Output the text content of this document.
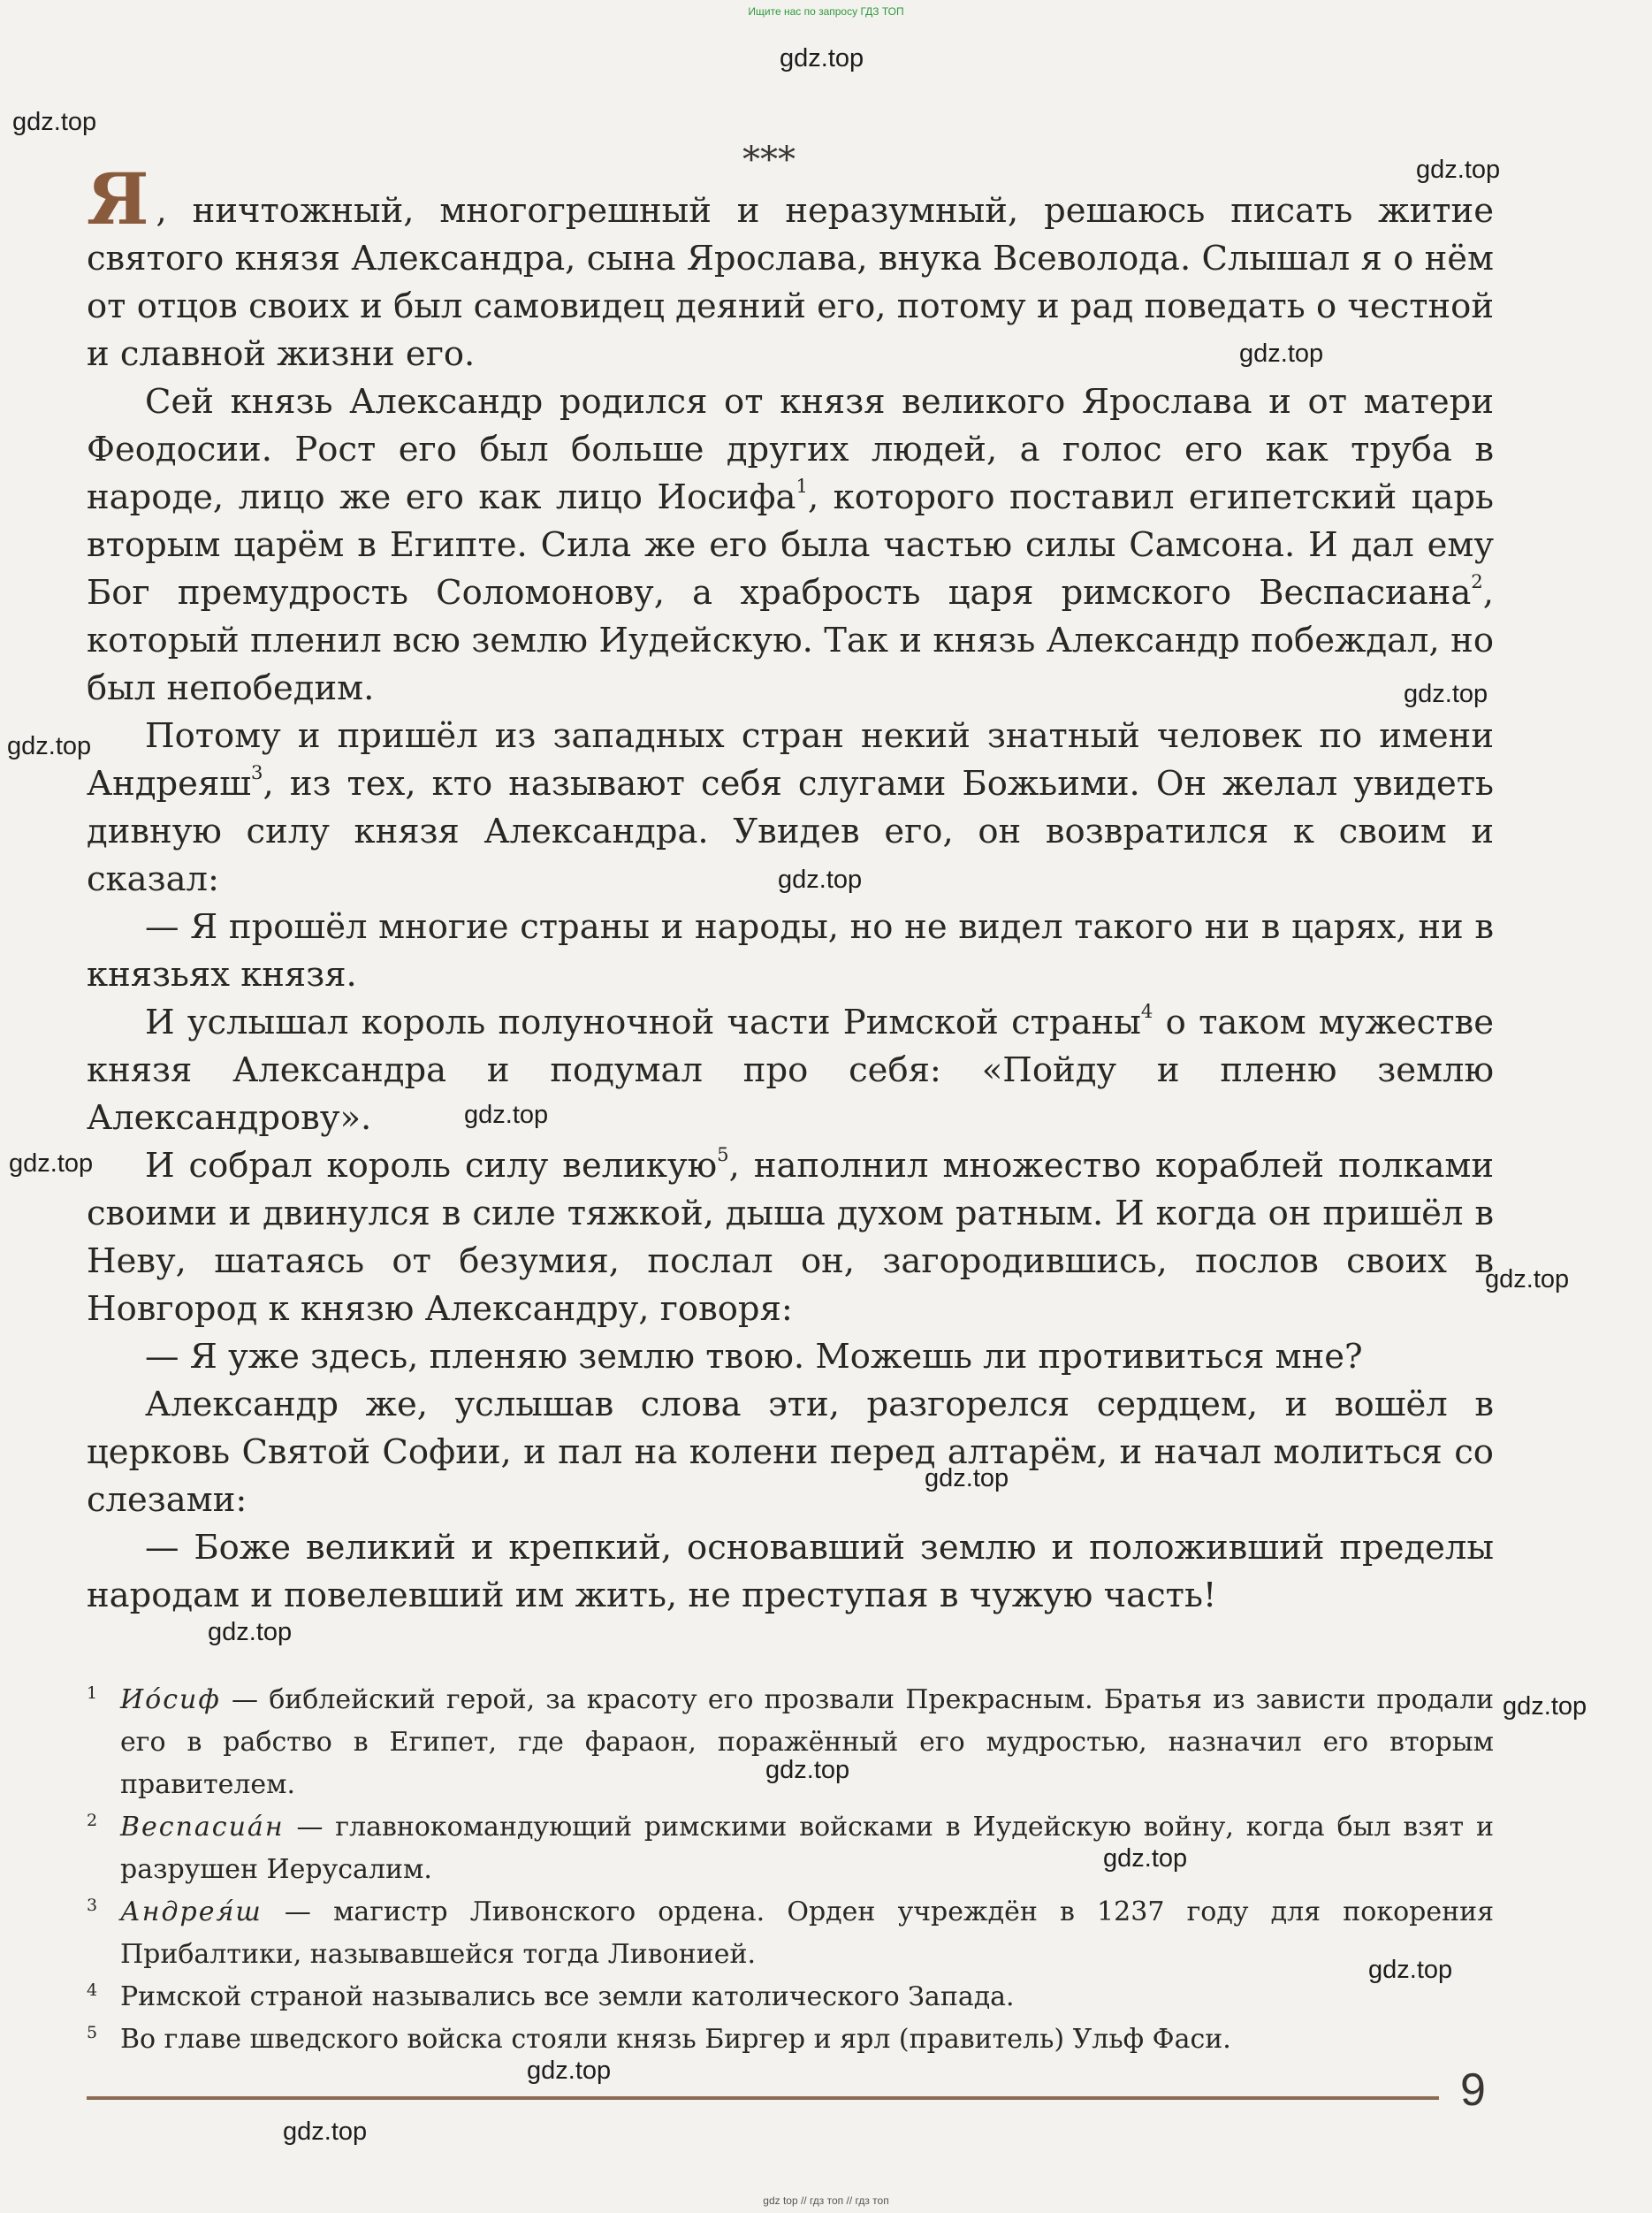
Ищите нас по запросу ГДЗ ТОП
gdz.top
gdz.top
gdz.top
gdz.top
gdz.top
gdz.top
gdz.top
gdz.top
gdz.top
gdz.top
gdz.top
gdz.top
gdz.top
gdz.top
gdz.top
gdz.top
gdz.top
gdz.top
***

Я , ничтожный, многогрешный и неразумный, решаюсь писать житие святого князя Александра, сына Ярослава, внука Всеволода. Слышал я о нём от отцов своих и был самовидец деяний его, потому и рад поведать о честной и славной жизни его.

Сей князь Александр родился от князя великого Ярослава и от матери Феодосии. Рост его был больше других людей, а голос его как труба в народе, лицо же его как лицо Иосифа$^1$, которого поставил египетский царь вторым царём в Египте. Сила же его была частью силы Самсона. И дал ему Бог премудрость Соломонову, а храбрость царя римского Веспасиана$^2$, который пленил всю землю Иудейскую. Так и князь Александр побеждал, но был непобедим.

Потому и пришёл из западных стран некий знатный человек по имени Андреяш$^3$, из тех, кто называют себя слугами Божьими. Он желал увидеть дивную силу князя Александра. Увидев его, он возвратился к своим и сказал:

— Я прошёл многие страны и народы, но не видел такого ни в царях, ни в князьях князя.

И услышал король полуночной части Римской страны$^4$ о таком мужестве князя Александра и подумал про себя: «Пойду и пленю землю Александрову».

И собрал король силу великую$^5$, наполнил множество кораблей полками своими и двинулся в силе тяжкой, дыша духом ратным. И когда он пришёл в Неву, шатаясь от безумия, послал он, загородившись, послов своих в Новгород к князю Александру, говоря:

— Я уже здесь, пленяю землю твою. Можешь ли противиться мне?

Александр же, услышав слова эти, разгорелся сердцем, и вошёл в церковь Святой Софии, и пал на колени перед алтарём, и начал молиться со слезами:

— Боже великий и крепкий, основавший землю и положивший пределы народам и повелевший им жить, не преступая в чужую часть!

1 Ио́сиф — библейский герой, за красоту его прозвали Прекрасным. Братья из зависти продали его в рабство в Египет, где фараон, поражённый его мудростью, назначил его вторым правителем.
2 Веспасиа́н — главнокомандующий римскими войсками в Иудейскую войну, когда был взят и разрушен Иерусалим.
3 Андрея́ш — магистр Ливонского ордена. Орден учреждён в 1237 году для покорения Прибалтики, называвшейся тогда Ливонией.
4 Римской страной назывались все земли католического Запада.
5 Во главе шведского войска стояли князь Биргер и ярл (правитель) Ульф Фаси.
9
gdz top // гдз топ // гдз топ
